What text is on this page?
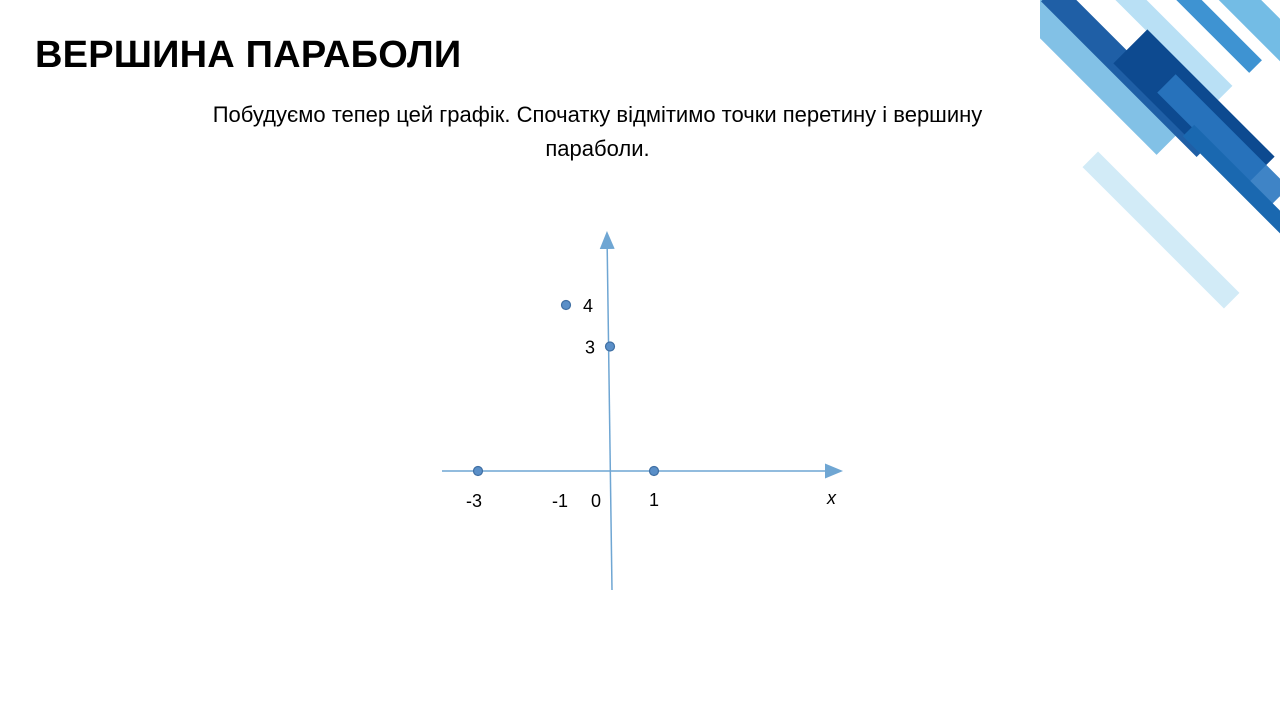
ВЕРШИНА ПАРАБОЛИ
Побудуємо тепер цей графік. Спочатку відмітимо точки перетину і вершину параболи.
x
0
-1
-3	1
3
4
